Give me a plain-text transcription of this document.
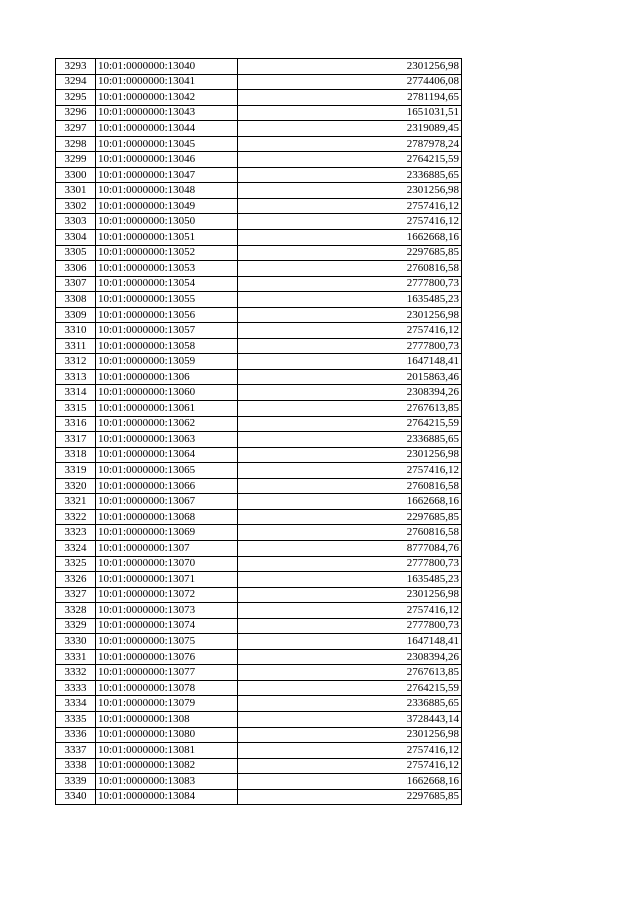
3293	10:01:0000000:13040	2301256,98
3294	10:01:0000000:13041	2774406,08
3295	10:01:0000000:13042	2781194,65
3296	10:01:0000000:13043	1651031,51
3297	10:01:0000000:13044	2319089,45
3298	10:01:0000000:13045	2787978,24
3299	10:01:0000000:13046	2764215,59
3300	10:01:0000000:13047	2336885,65
3301	10:01:0000000:13048	2301256,98
3302	10:01:0000000:13049	2757416,12
3303	10:01:0000000:13050	2757416,12
3304	10:01:0000000:13051	1662668,16
3305	10:01:0000000:13052	2297685,85
3306	10:01:0000000:13053	2760816,58
3307	10:01:0000000:13054	2777800,73
3308	10:01:0000000:13055	1635485,23
3309	10:01:0000000:13056	2301256,98
3310	10:01:0000000:13057	2757416,12
3311	10:01:0000000:13058	2777800,73
3312	10:01:0000000:13059	1647148,41
3313	10:01:0000000:1306	2015863,46
3314	10:01:0000000:13060	2308394,26
3315	10:01:0000000:13061	2767613,85
3316	10:01:0000000:13062	2764215,59
3317	10:01:0000000:13063	2336885,65
3318	10:01:0000000:13064	2301256,98
3319	10:01:0000000:13065	2757416,12
3320	10:01:0000000:13066	2760816,58
3321	10:01:0000000:13067	1662668,16
3322	10:01:0000000:13068	2297685,85
3323	10:01:0000000:13069	2760816,58
3324	10:01:0000000:1307	8777084,76
3325	10:01:0000000:13070	2777800,73
3326	10:01:0000000:13071	1635485,23
3327	10:01:0000000:13072	2301256,98
3328	10:01:0000000:13073	2757416,12
3329	10:01:0000000:13074	2777800,73
3330	10:01:0000000:13075	1647148,41
3331	10:01:0000000:13076	2308394,26
3332	10:01:0000000:13077	2767613,85
3333	10:01:0000000:13078	2764215,59
3334	10:01:0000000:13079	2336885,65
3335	10:01:0000000:1308	3728443,14
3336	10:01:0000000:13080	2301256,98
3337	10:01:0000000:13081	2757416,12
3338	10:01:0000000:13082	2757416,12
3339	10:01:0000000:13083	1662668,16
3340	10:01:0000000:13084	2297685,85
